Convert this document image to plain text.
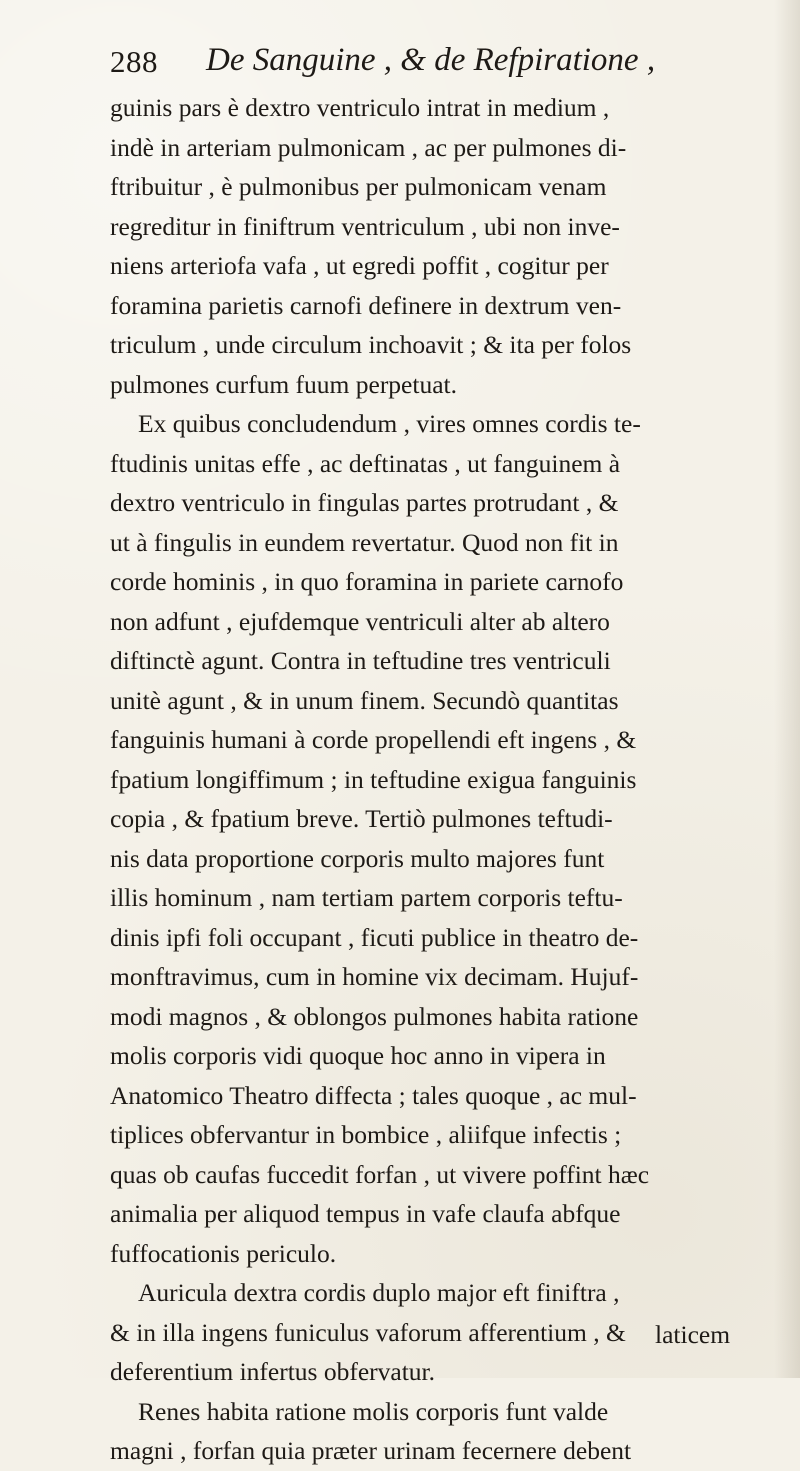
288 De Sanguine , & de Refpiratione ,
guinis pars è dextro ventriculo intrat in medium ,
indè in arteriam pulmonicam , ac per pulmones di-
ftribuitur , è pulmonibus per pulmonicam venam
regreditur in finiftrum ventriculum , ubi non inve-
niens arteriofa vafa , ut egredi poffit , cogitur per
foramina parietis carnofi definere in dextrum ven-
triculum , unde circulum inchoavit ; & ita per folos
pulmones curfum fuum perpetuat.
Ex quibus concludendum , vires omnes cordis te-
ftudinis unitas effe , ac deftinatas , ut fanguinem à
dextro ventriculo in fingulas partes protrudant , &
ut à fingulis in eundem revertatur. Quod non fit in
corde hominis , in quo foramina in pariete carnofo
non adfunt , ejufdemque ventriculi alter ab altero
diftinctè agunt. Contra in teftudine tres ventriculi
unitè agunt , & in unum finem. Secundò quantitas
fanguinis humani à corde propellendi eft ingens , &
fpatium longiffimum ; in teftudine exigua fanguinis
copia , & fpatium breve. Tertiò pulmones teftudi-
nis data proportione corporis multo majores funt
illis hominum , nam tertiam partem corporis teftu-
dinis ipfi foli occupant , ficuti publice in theatro de-
monftravimus, cum in homine vix decimam. Hujuf-
modi magnos , & oblongos pulmones habita ratione
molis corporis vidi quoque hoc anno in vipera in
Anatomico Theatro diffecta ; tales quoque , ac mul-
tiplices obfervantur in bombice , aliifque infectis ;
quas ob caufas fuccedit forfan , ut vivere poffint hæc
animalia per aliquod tempus in vafe claufa abfque
fuffocationis periculo.
Auricula dextra cordis duplo major eft finiftra ,
& in illa ingens funiculus vaforum afferentium , &
deferentium infertus obfervatur.
Renes habita ratione molis corporis funt valde
magni , forfan quia præter urinam fecernere debent
laticem
